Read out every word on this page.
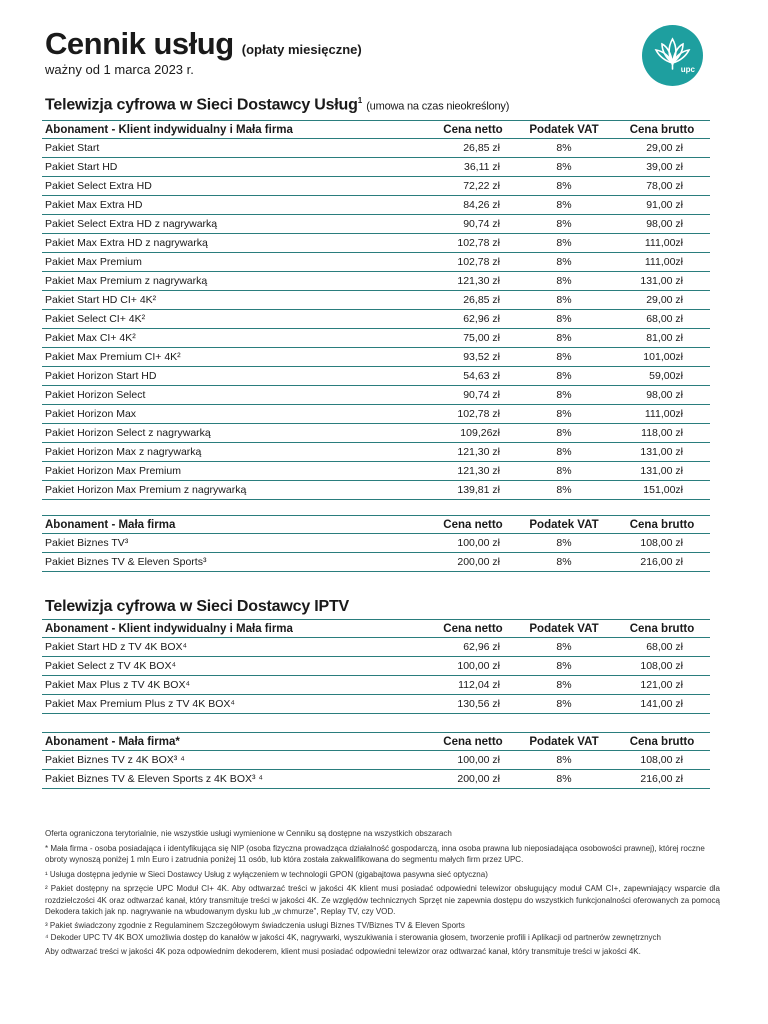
Cennik usług (opłaty miesięczne)
ważny od 1 marca 2023 r.	upc
Telewizja cyfrowa w Sieci Dostawcy Usług$^1$ (umowa na czas nieokreślony)
Abonament - Klient indywidualny i Mała firma	Cena netto	Podatek VAT	Cena brutto
Pakiet Start	26,85 zł	8%	29,00 zł
Pakiet Start HD	36,11 zł	8%	39,00 zł
Pakiet Select Extra HD	72,22 zł	8%	78,00 zł
Pakiet Max Extra HD	84,26 zł	8%	91,00 zł
Pakiet Select Extra HD z nagrywarką	90,74 zł	8%	98,00 zł
Pakiet Max Extra HD z nagrywarką	102,78 zł	8%	111,00zł
Pakiet Max Premium	102,78 zł	8%	111,00zł
Pakiet Max Premium z nagrywarką	121,30 zł	8%	131,00 zł
Pakiet Start HD CI+ 4K²	26,85 zł	8%	29,00 zł
Pakiet Select CI+ 4K²	62,96 zł	8%	68,00 zł
Pakiet Max CI+ 4K²	75,00 zł	8%	81,00 zł
Pakiet Max Premium CI+ 4K²	93,52 zł	8%	101,00zł
Pakiet Horizon Start HD	54,63 zł	8%	59,00zł
Pakiet Horizon Select	90,74 zł	8%	98,00 zł
Pakiet Horizon Max	102,78 zł	8%	111,00zł
Pakiet Horizon Select z nagrywarką	109,26zł	8%	118,00 zł
Pakiet Horizon Max z nagrywarką	121,30 zł	8%	131,00 zł
Pakiet Horizon Max Premium	121,30 zł	8%	131,00 zł
Pakiet Horizon Max Premium z nagrywarką	139,81 zł	8%	151,00zł
Abonament - Mała firma	Cena netto	Podatek VAT	Cena brutto
Pakiet Biznes TV³	100,00 zł	8%	108,00 zł
Pakiet Biznes TV & Eleven Sports³	200,00 zł	8%	216,00 zł
Telewizja cyfrowa w Sieci Dostawcy IPTV
Abonament - Klient indywidualny i Mała firma	Cena netto	Podatek VAT	Cena brutto
Pakiet Start HD z TV 4K BOX⁴	62,96 zł	8%	68,00 zł
Pakiet Select z TV 4K BOX⁴	100,00 zł	8%	108,00 zł
Pakiet Max Plus z TV 4K BOX⁴	112,04 zł	8%	121,00 zł
Pakiet Max Premium Plus z TV 4K BOX⁴	130,56 zł	8%	141,00 zł
Abonament - Mała firma*	Cena netto	Podatek VAT	Cena brutto
Pakiet Biznes TV z 4K BOX³ ⁴	100,00 zł	8%	108,00 zł
Pakiet Biznes TV & Eleven Sports z 4K BOX³ ⁴	200,00 zł	8%	216,00 zł

Oferta ograniczona terytorialnie, nie wszystkie usługi wymienione w Cenniku są dostępne na wszystkich obszarach

* Mała firma - osoba posiadająca i identyfikująca się NIP (osoba fizyczna prowadząca działalność gospodarczą, inna osoba prawna lub nieposiadająca osobowości prawnej), której roczne obroty wynoszą poniżej 1 mln Euro i zatrudnia poniżej 11 osób, lub która została zakwalifikowana do segmentu małych firm przez UPC.

¹ Usługa dostępna jedynie w Sieci Dostawcy Usług z wyłączeniem w technologii GPON (gigabajtowa pasywna sieć optyczna)

² Pakiet dostępny na sprzęcie UPC Moduł CI+ 4K. Aby odtwarzać treści w jakości 4K klient musi posiadać odpowiedni telewizor obsługujący moduł CAM CI+, zapewniający wsparcie dla rozdzielczości 4K oraz odtwarzać kanał, który transmituje treści w jakości 4K. Ze względów technicznych Sprzęt nie zapewnia dostępu do wszystkich funkcjonalności oferowanych za pomocą Dekodera takich jak np. nagrywanie na wbudowanym dysku lub „w chmurze”, Replay TV, czy VOD.

³ Pakiet świadczony zgodnie z Regulaminem Szczegółowym świadczenia usługi Biznes TV/Biznes TV & Eleven Sports

⁴ Dekoder UPC TV 4K BOX umożliwia dostęp do kanałów w jakości 4K, nagrywarki, wyszukiwania i sterowania głosem, tworzenie profili i Aplikacji od partnerów zewnętrznych

Aby odtwarzać treści w jakości 4K poza odpowiednim dekoderem, klient musi posiadać odpowiedni telewizor oraz odtwarzać kanał, który transmituje treści w jakości 4K.
